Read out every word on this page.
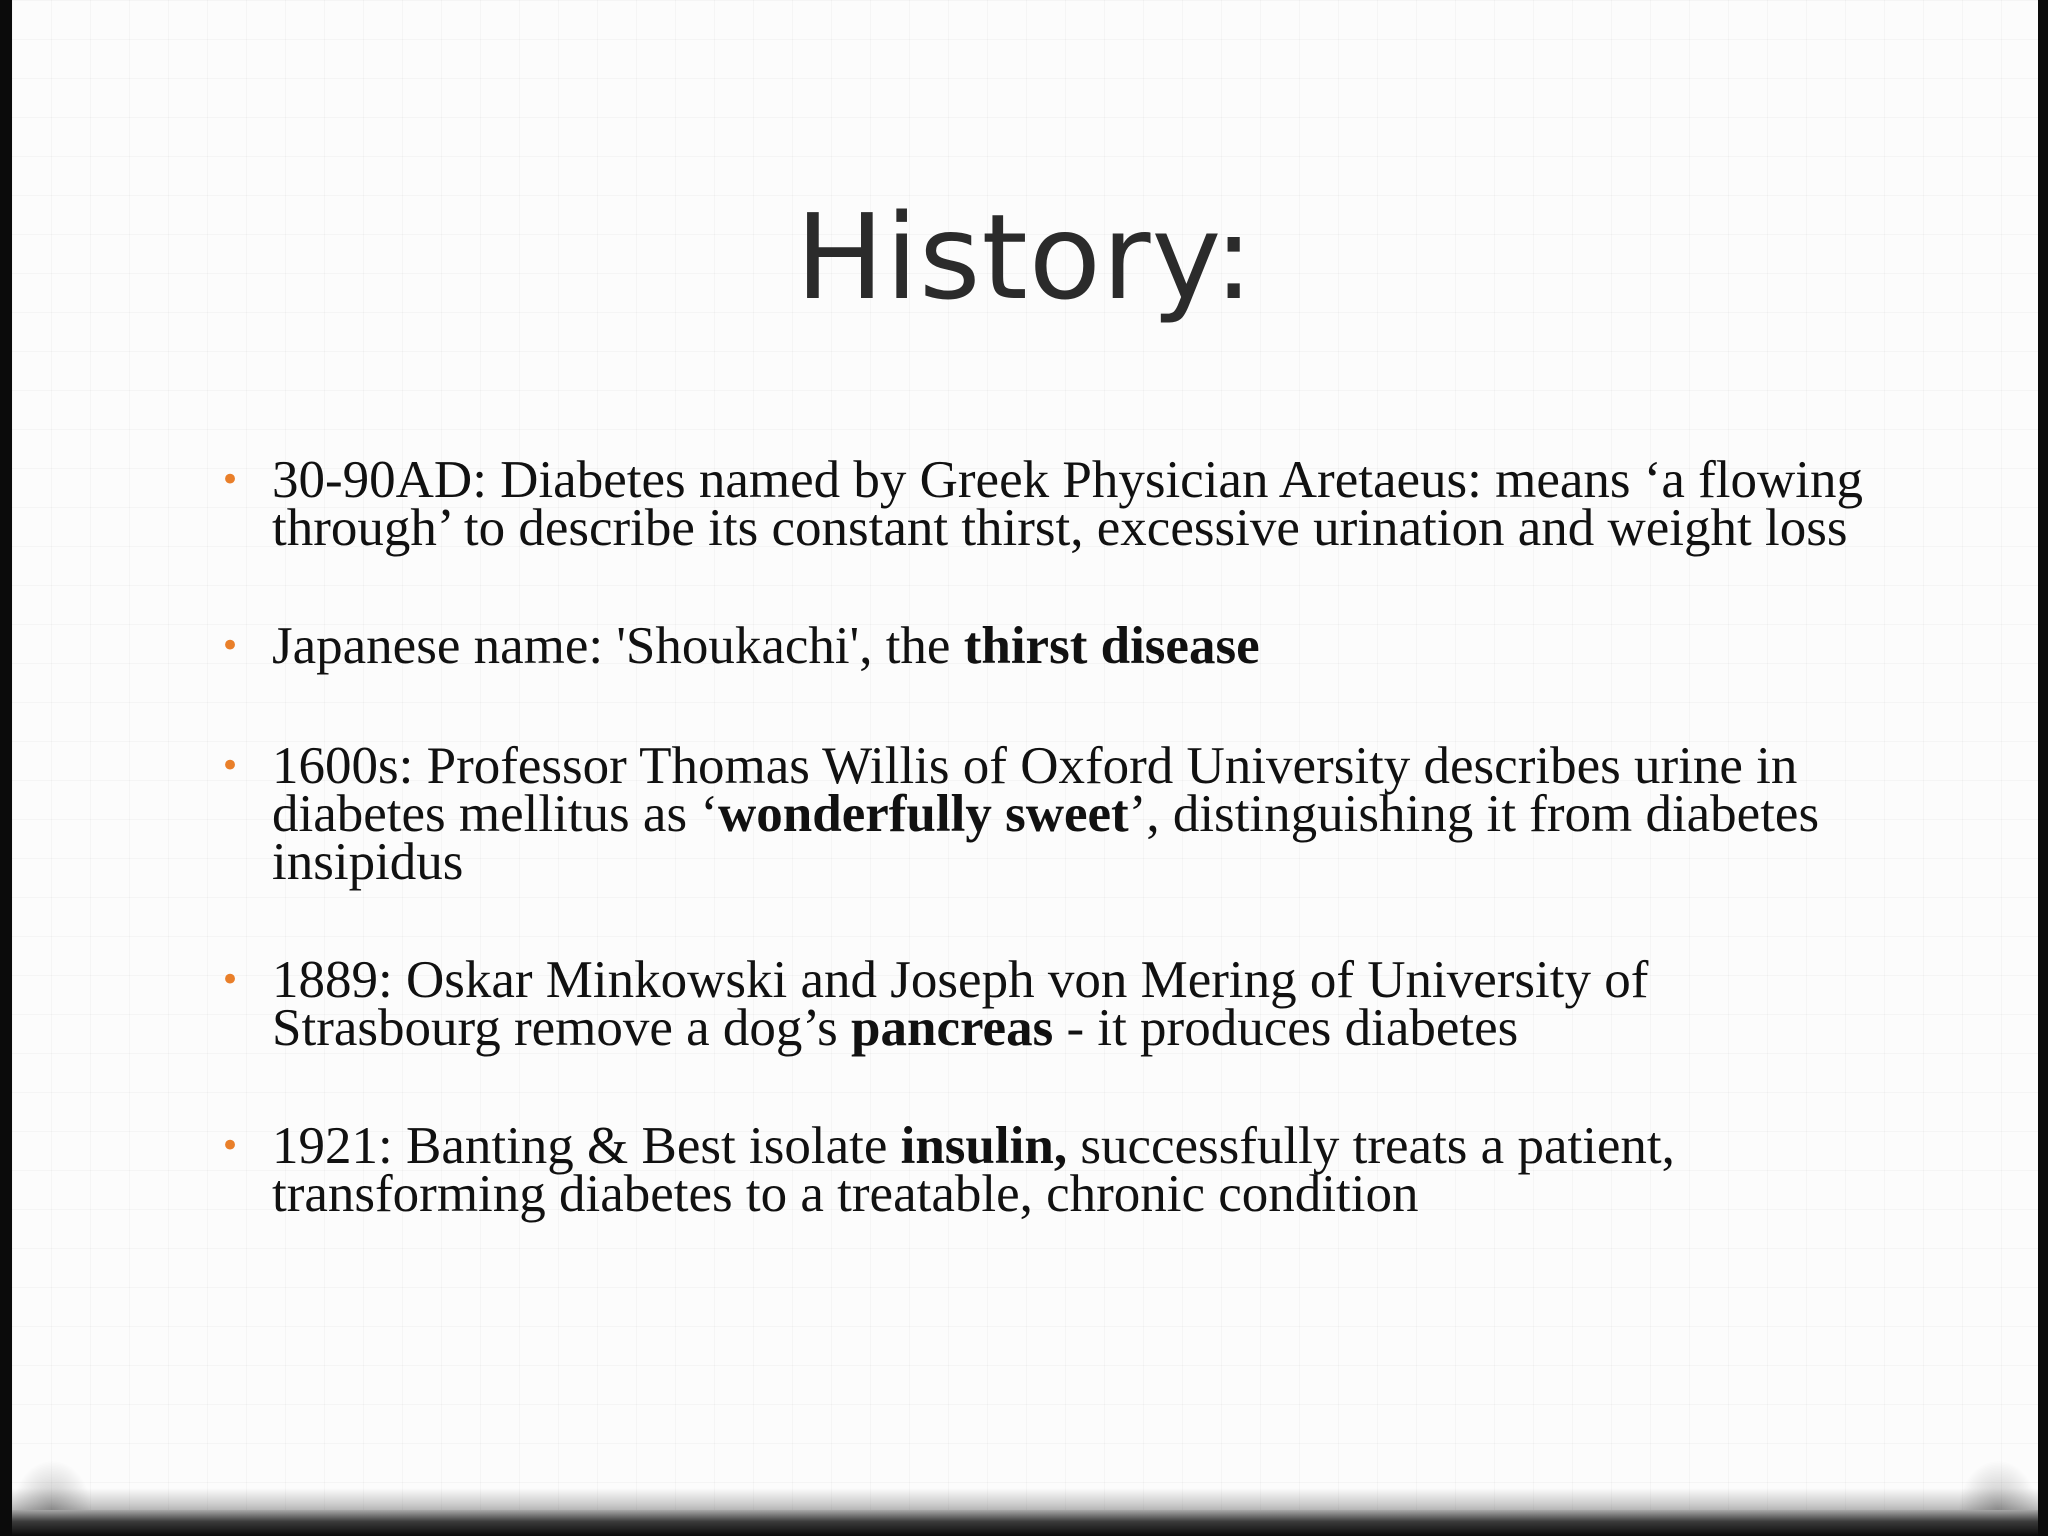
History:
• 30-90AD: Diabetes named by Greek Physician Aretaeus: means ‘a flowing through’ to describe its constant thirst, excessive urination and weight loss
• Japanese name: 'Shoukachi', the thirst disease
• 1600s: Professor Thomas Willis of Oxford University describes urine in diabetes mellitus as ‘wonderfully sweet’, distinguishing it from diabetes insipidus
• 1889: Oskar Minkowski and Joseph von Mering of University of Strasbourg remove a dog’s pancreas - it produces diabetes
• 1921: Banting & Best isolate insulin, successfully treats a patient, transforming diabetes to a treatable, chronic condition
